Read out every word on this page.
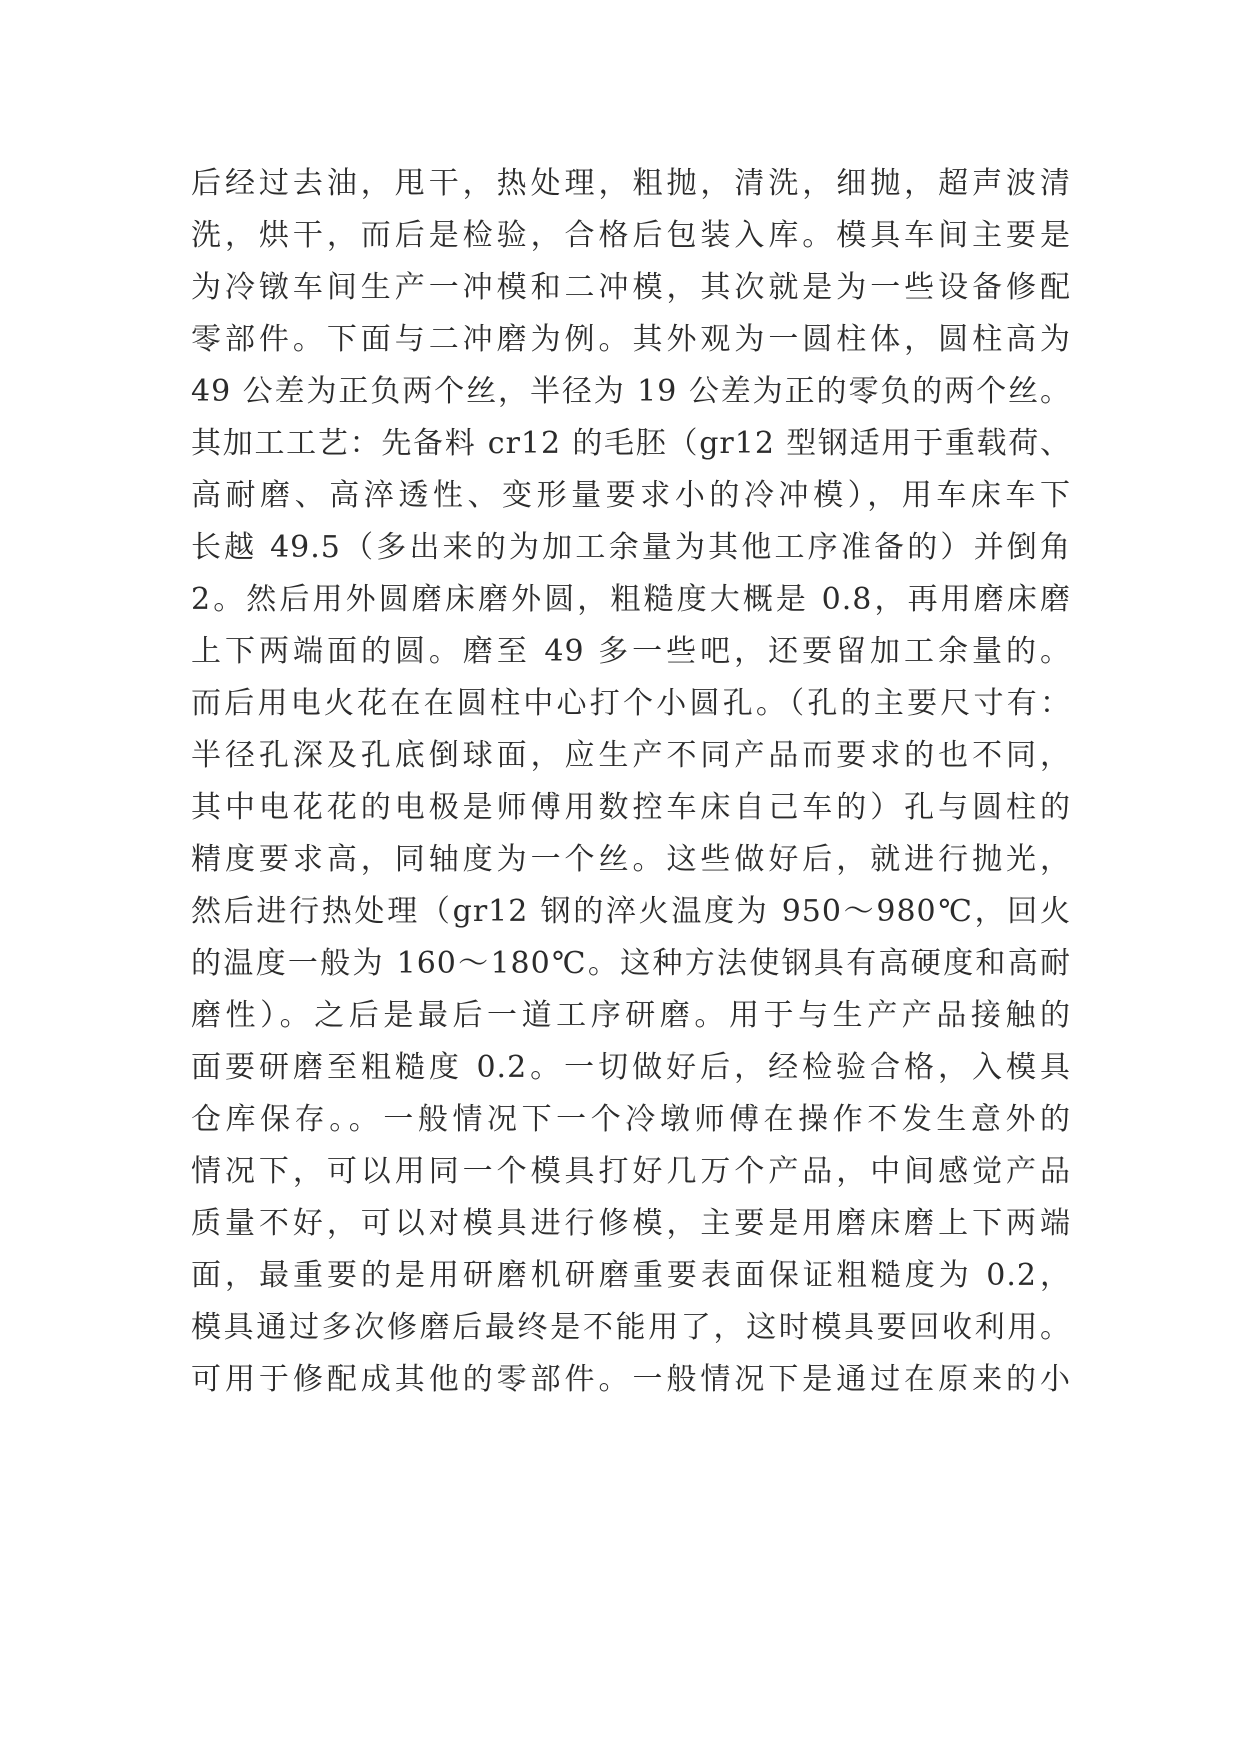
后经过去油，甩干，热处理，粗抛，清洗，细抛，超声波清
洗，烘干，而后是检验，合格后包装入库。模具车间主要是
为冷镦车间生产一冲模和二冲模，其次就是为一些设备修配
零部件。下面与二冲磨为例。其外观为一圆柱体，圆柱高为
49 公差为正负两个丝，半径为 19 公差为正的零负的两个丝。
其加工工艺：先备料 cr12 的毛胚（gr12 型钢适用于重载荷、
高耐磨、高淬透性、变形量要求小的冷冲模），用车床车下
长越 49.5（多出来的为加工余量为其他工序准备的）并倒角
2。然后用外圆磨床磨外圆，粗糙度大概是 0.8，再用磨床磨
上下两端面的圆。磨至 49 多一些吧，还要留加工余量的。
而后用电火花在在圆柱中心打个小圆孔。（孔的主要尺寸有：
半径孔深及孔底倒球面，应生产不同产品而要求的也不同，
其中电花花的电极是师傅用数控车床自己车的）孔与圆柱的
精度要求高，同轴度为一个丝。这些做好后，就进行抛光，
然后进行热处理（gr12 钢的淬火温度为 950～980℃，回火
的温度一般为 160～180℃。这种方法使钢具有高硬度和高耐
磨性）。之后是最后一道工序研磨。用于与生产产品接触的
面要研磨至粗糙度 0.2。一切做好后，经检验合格，入模具
仓库保存。。一般情况下一个冷墩师傅在操作不发生意外的
情况下，可以用同一个模具打好几万个产品，中间感觉产品
质量不好，可以对模具进行修模，主要是用磨床磨上下两端
面，最重要的是用研磨机研磨重要表面保证粗糙度为 0.2，
模具通过多次修磨后最终是不能用了，这时模具要回收利用。
可用于修配成其他的零部件。一般情况下是通过在原来的小
